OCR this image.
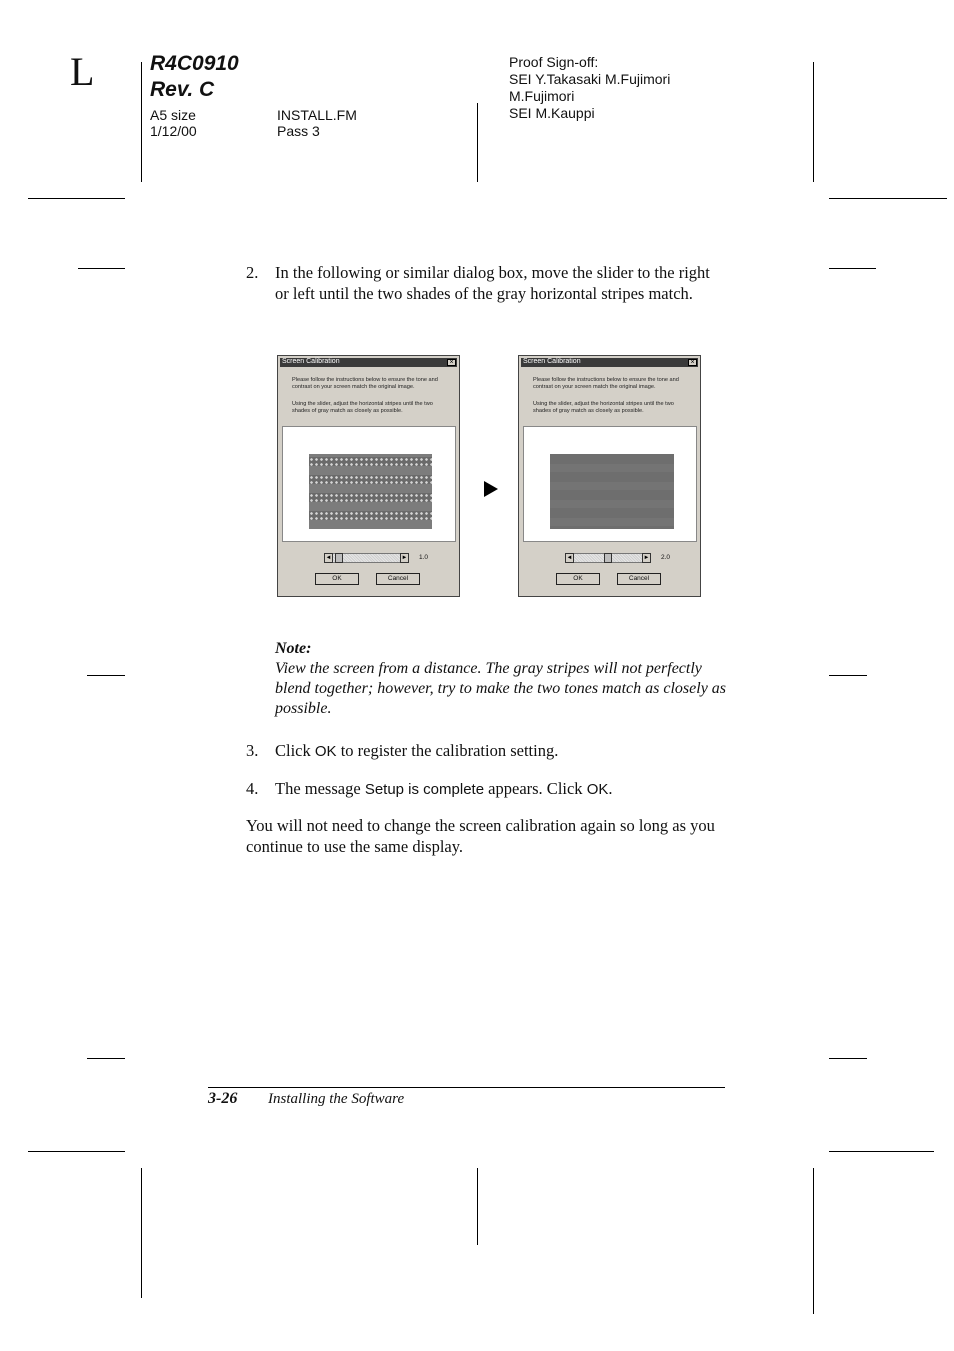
L	R4C0910
Rev. C
A5 size
1/12/00
INSTALL.FM
Pass 3
Proof Sign-off:
SEI Y.Takasaki M.Fujimori
M.Fujimori
SEI M.Kauppi
2. In the following or similar dialog box, move the slider to the right or left until the two shades of the gray horizontal stripes match.
Screen Calibration	×
Please follow the instructions below to ensure the tone and contrast on your screen match the original image.
Using the slider, adjust the horizontal stripes until the two shades of gray match as closely as possible.
◄	► 1.0
OK	Cancel
Screen Calibration	×
Please follow the instructions below to ensure the tone and contrast on your screen match the original image.
Using the slider, adjust the horizontal stripes until the two shades of gray match as closely as possible.
◄	► 2.0
OK	Cancel
Note:
View the screen from a distance. The gray stripes will not perfectly blend together; however, try to make the two tones match as closely as possible.
3. Click OK to register the calibration setting.
4. The message Setup is complete appears. Click OK.
You will not need to change the screen calibration again so long as you continue to use the same display.
3-26 Installing the Software
